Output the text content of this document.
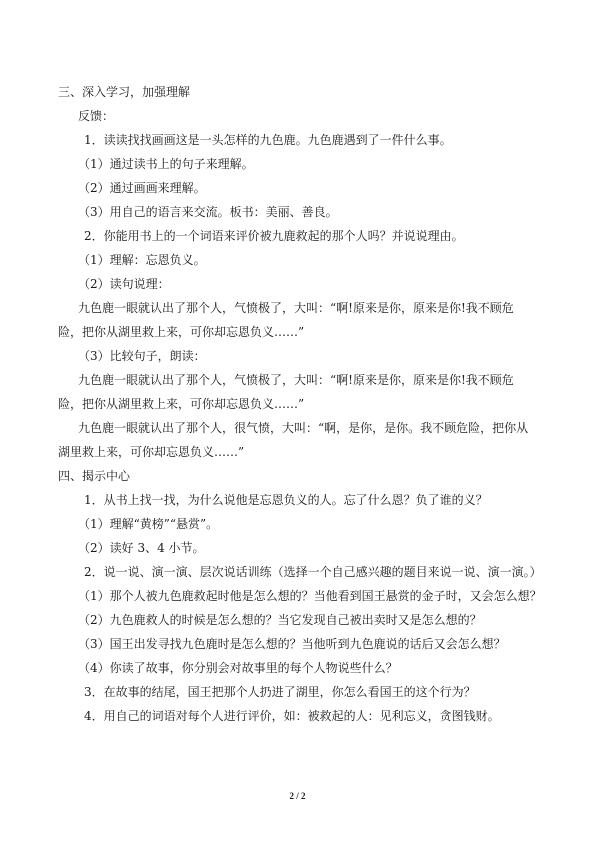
三、深入学习，加强理解
反馈：
1．读读找找画画这是一头怎样的九色鹿。九色鹿遇到了一件什么事。
（1）通过读书上的句子来理解。
（2）通过画画来理解。
（3）用自己的语言来交流。板书：美丽、善良。
2．你能用书上的一个词语来评价被九鹿救起的那个人吗？并说说理由。
（1）理解：忘恩负义。
（2）读句说理：
九色鹿一眼就认出了那个人，气愤极了，大叫：“啊!原来是你，原来是你!我不顾危
险，把你从湖里救上来，可你却忘恩负义……”
（3）比较句子，朗读：
九色鹿一眼就认出了那个人，气愤极了，大叫：“啊!原来是你，原来是你!我不顾危
险，把你从湖里救上来，可你却忘恩负义……”
九色鹿一眼就认出了那个人，很气愤，大叫：“啊，是你，是你。我不顾危险，把你从
湖里救上来，可你却忘恩负义……”
四、揭示中心
1．从书上找一找，为什么说他是忘恩负义的人。忘了什么恩？负了谁的义？
（1）理解“黄榜”“悬赏”。
（2）读好 3、4 小节。
2．说一说、演一演、层次说话训练（选择一个自己感兴趣的题目来说一说、演一演。）
（1）那个人被九色鹿救起时他是怎么想的？当他看到国王悬赏的金子时，又会怎么想？
（2）九色鹿救人的时候是怎么想的？当它发现自己被出卖时又是怎么想的？
（3）国王出发寻找九色鹿时是怎么想的？当他听到九色鹿说的话后又会怎么想？
（4）你读了故事，你分别会对故事里的每个人物说些什么？
3．在故事的结尾，国王把那个人扔进了湖里，你怎么看国王的这个行为？
4．用自己的词语对每个人进行评价，如：被救起的人：见利忘义，贪图钱财。
2 / 2
